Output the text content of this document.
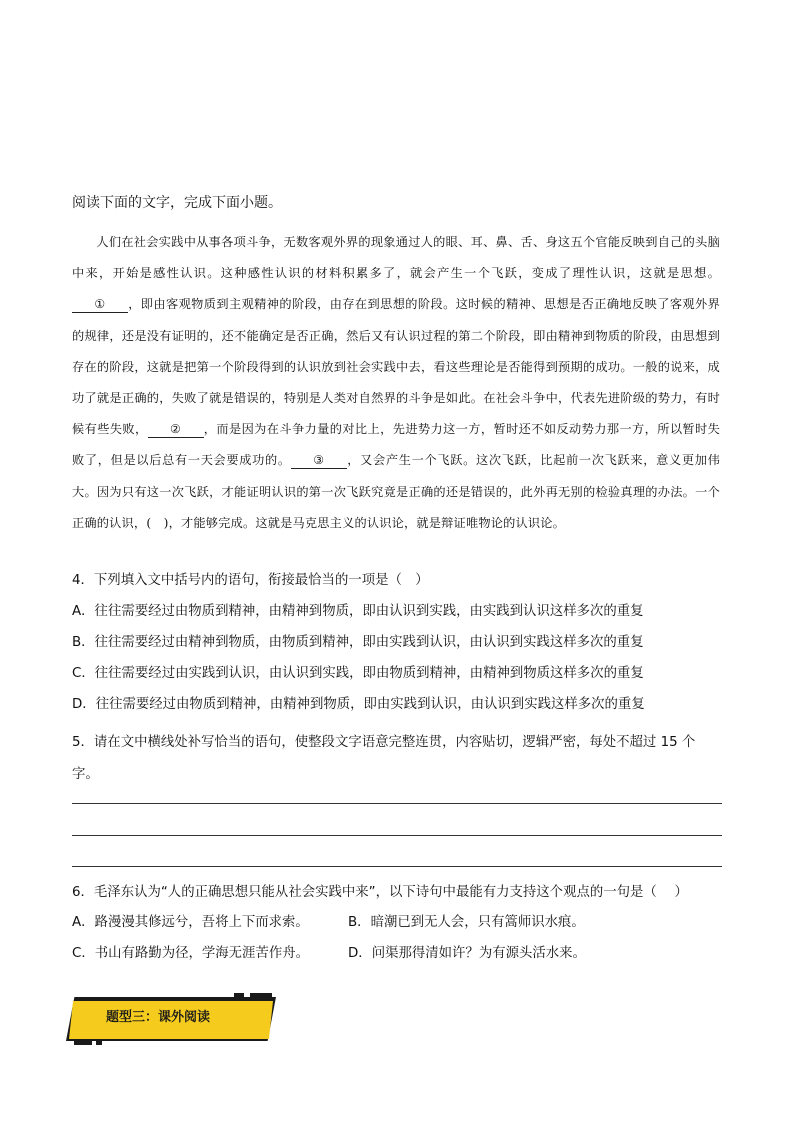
阅读下面的文字，完成下面小题。

人们在社会实践中从事各项斗争，无数客观外界的现象通过人的眼、耳、鼻、舌、身这五个官能反映到自己的头脑中来，开始是感性认识。这种感性认识的材料积累多了，就会产生一个飞跃，变成了理性认识，这就是思想。① ，即由客观物质到主观精神的阶段，由存在到思想的阶段。这时候的精神、思想是否正确地反映了客观外界的规律，还是没有证明的，还不能确定是否正确，然后又有认识过程的第二个阶段，即由精神到物质的阶段，由思想到存在的阶段，这就是把第一个阶段得到的认识放到社会实践中去，看这些理论是否能得到预期的成功。一般的说来，成功了就是正确的，失败了就是错误的，特别是人类对自然界的斗争是如此。在社会斗争中，代表先进阶级的势力，有时候有些失败， ② ，而是因为在斗争力量的对比上，先进势力这一方，暂时还不如反动势力那一方，所以暂时失败了，但是以后总有一天会要成功的。 ③ ，又会产生一个飞跃。这次飞跃，比起前一次飞跃来，意义更加伟大。因为只有这一次飞跃，才能证明认识的第一次飞跃究竟是正确的还是错误的，此外再无别的检验真理的办法。一个正确的认识，(　)，才能够完成。这就是马克思主义的认识论，就是辩证唯物论的认识论。

4．下列填入文中括号内的语句，衔接最恰当的一项是（　）

A．往往需要经过由物质到精神，由精神到物质，即由认识到实践，由实践到认识这样多次的重复

B．往往需要经过由精神到物质，由物质到精神，即由实践到认识，由认识到实践这样多次的重复

C．往往需要经过由实践到认识，由认识到实践，即由物质到精神，由精神到物质这样多次的重复

D．往往需要经过由物质到精神，由精神到物质，即由实践到认识，由认识到实践这样多次的重复

5．请在文中横线处补写恰当的语句，使整段文字语意完整连贯，内容贴切，逻辑严密，每处不超过 15 个字。

6．毛泽东认为“人的正确思想只能从社会实践中来”，以下诗句中最能有力支持这个观点的一句是（　 ）

A．路漫漫其修远兮，吾将上下而求索。	B．暗潮已到无人会，只有篙师识水痕。

C．书山有路勤为径，学海无涯苦作舟。	D．问渠那得清如许？为有源头活水来。

题型三：课外阅读
